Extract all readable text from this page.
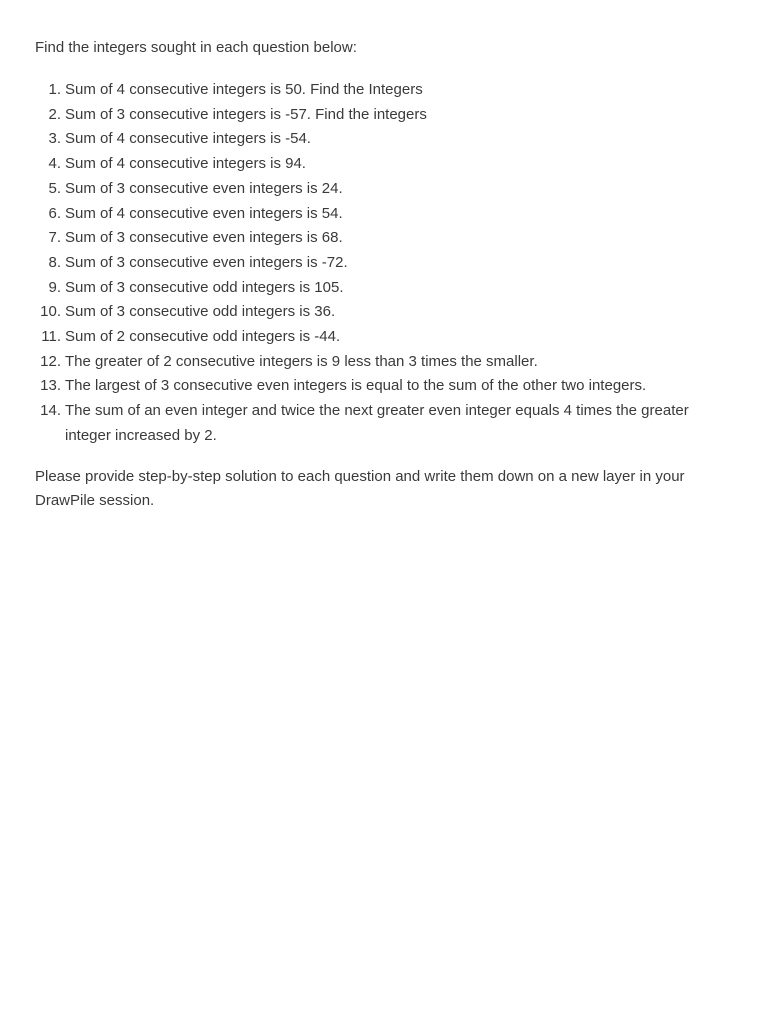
Find the integers sought in each question below:

1. Sum of 4 consecutive integers is 50. Find the Integers
2. Sum of 3 consecutive integers is -57. Find the integers
3. Sum of 4 consecutive integers is -54.
4. Sum of 4 consecutive integers is 94.
5. Sum of 3 consecutive even integers is 24.
6. Sum of 4 consecutive even integers is 54.
7. Sum of 3 consecutive even integers is 68.
8. Sum of 3 consecutive even integers is -72.
9. Sum of 3 consecutive odd integers is 105.
10. Sum of 3 consecutive odd integers is 36.
11. Sum of 2 consecutive odd integers is -44.
12. The greater of 2 consecutive integers is 9 less than 3 times the smaller.
13. The largest of 3 consecutive even integers is equal to the sum of the other two integers.
14. The sum of an even integer and twice the next greater even integer equals 4 times the greater integer increased by 2.

Please provide step-by-step solution to each question and write them down on a new layer in your DrawPile session.
